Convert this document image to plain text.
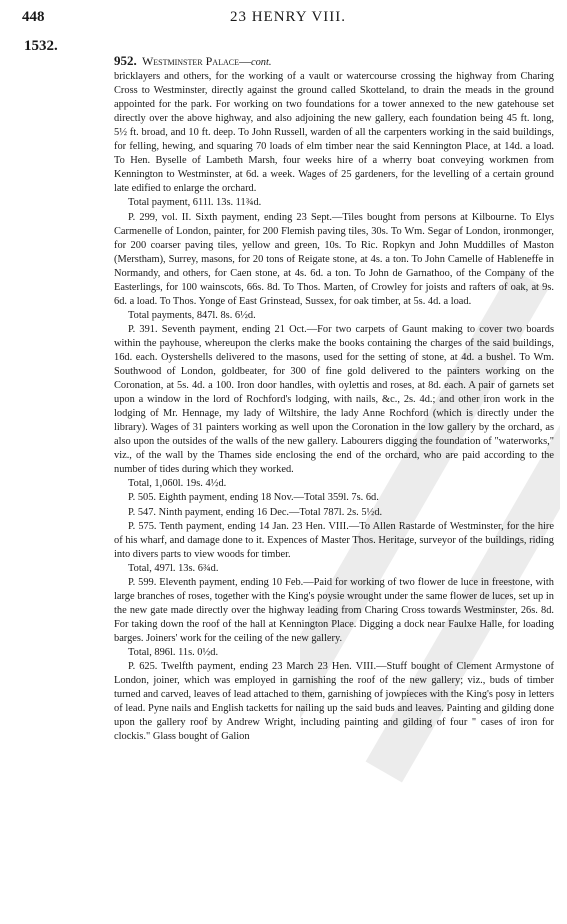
448	23 HENRY VIII.
1532.

952. Westminster Palace—cont.

bricklayers and others, for the working of a vault or watercourse crossing the highway from Charing Cross to Westminster, directly against the ground called Skotteland, to drain the meads in the ground appointed for the park. For working on two foundations for a tower annexed to the new gatehouse set directly over the above highway, and also adjoining the new gallery, each foundation being 45 ft. long, 5½ ft. broad, and 10 ft. deep. To John Russell, warden of all the carpenters working in the said buildings, for felling, hewing, and squaring 70 loads of elm timber near the said Kennington Place, at 14d. a load. To Hen. Byselle of Lambeth Marsh, four weeks hire of a wherry boat conveying workmen from Kennington to Westminster, at 6d. a week. Wages of 25 gardeners, for the levelling of a certain ground late edified to enlarge the orchard.

Total payment, 611l. 13s. 11¾d.

P. 299, vol. II. Sixth payment, ending 23 Sept.—Tiles bought from persons at Kilbourne. To Elys Carmenelle of London, painter, for 200 Flemish paving tiles, 30s. To Wm. Segar of London, ironmonger, for 200 coarser paving tiles, yellow and green, 10s. To Ric. Ropkyn and John Muddilles of Maston (Merstham), Surrey, masons, for 20 tons of Reigate stone, at 4s. a ton. To John Camelle of Hableneffe in Normandy, and others, for Caen stone, at 4s. 6d. a ton. To John de Garnathoo, of the Company of the Easterlings, for 100 wainscots, 66s. 8d. To Thos. Marten, of Crowley for joists and rafters of oak, at 9s. 6d. a load. To Thos. Yonge of East Grinstead, Sussex, for oak timber, at 5s. 4d. a load.

Total payments, 847l. 8s. 6½d.

P. 391. Seventh payment, ending 21 Oct.—For two carpets of Gaunt making to cover two boards within the payhouse, whereupon the clerks make the books containing the charges of the said buildings, 16d. each. Oystershells delivered to the masons, used for the setting of stone, at 4d. a bushel. To Wm. Southwood of London, goldbeater, for 300 of fine gold delivered to the painters working on the Coronation, at 5s. 4d. a 100. Iron door handles, with oylettis and roses, at 8d. each. A pair of garnets set upon a window in the lord of Rochford's lodging, with nails, &c., 2s. 4d.; and other iron work in the lodging of Mr. Hennage, my lady of Wiltshire, the lady Anne Rochford (which is directly under the library). Wages of 31 painters working as well upon the Coronation in the low gallery by the orchard, as also upon the outsides of the walls of the new gallery. Labourers digging the foundation of "waterworks," viz., of the wall by the Thames side enclosing the end of the orchard, who are paid according to the number of tides during which they worked.

Total, 1,060l. 19s. 4½d.

P. 505. Eighth payment, ending 18 Nov.—Total 359l. 7s. 6d.

P. 547. Ninth payment, ending 16 Dec.—Total 787l. 2s. 5½d.

P. 575. Tenth payment, ending 14 Jan. 23 Hen. VIII.—To Allen Rastarde of Westminster, for the hire of his wharf, and damage done to it. Expences of Master Thos. Heritage, surveyor of the buildings, riding into divers parts to view woods for timber.

Total, 497l. 13s. 6¾d.

P. 599. Eleventh payment, ending 10 Feb.—Paid for working of two flower de luce in freestone, with large branches of roses, together with the King's poysie wrought under the same flower de luces, set up in the new gate made directly over the highway leading from Charing Cross towards Westminster, 26s. 8d. For taking down the roof of the hall at Kennington Place. Digging a dock near Faulxe Halle, for loading barges. Joiners' work for the ceiling of the new gallery.

Total, 896l. 11s. 0½d.

P. 625. Twelfth payment, ending 23 March 23 Hen. VIII.—Stuff bought of Clement Armystone of London, joiner, which was employed in garnishing the roof of the new gallery; viz., buds of timber turned and carved, leaves of lead attached to them, garnishing of jowpieces with the King's posy in letters of lead. Pyne nails and English tacketts for nailing up the said buds and leaves. Painting and gilding done upon the gallery roof by Andrew Wright, including painting and gilding of four " cases of iron for clockis." Glass bought of Galion
